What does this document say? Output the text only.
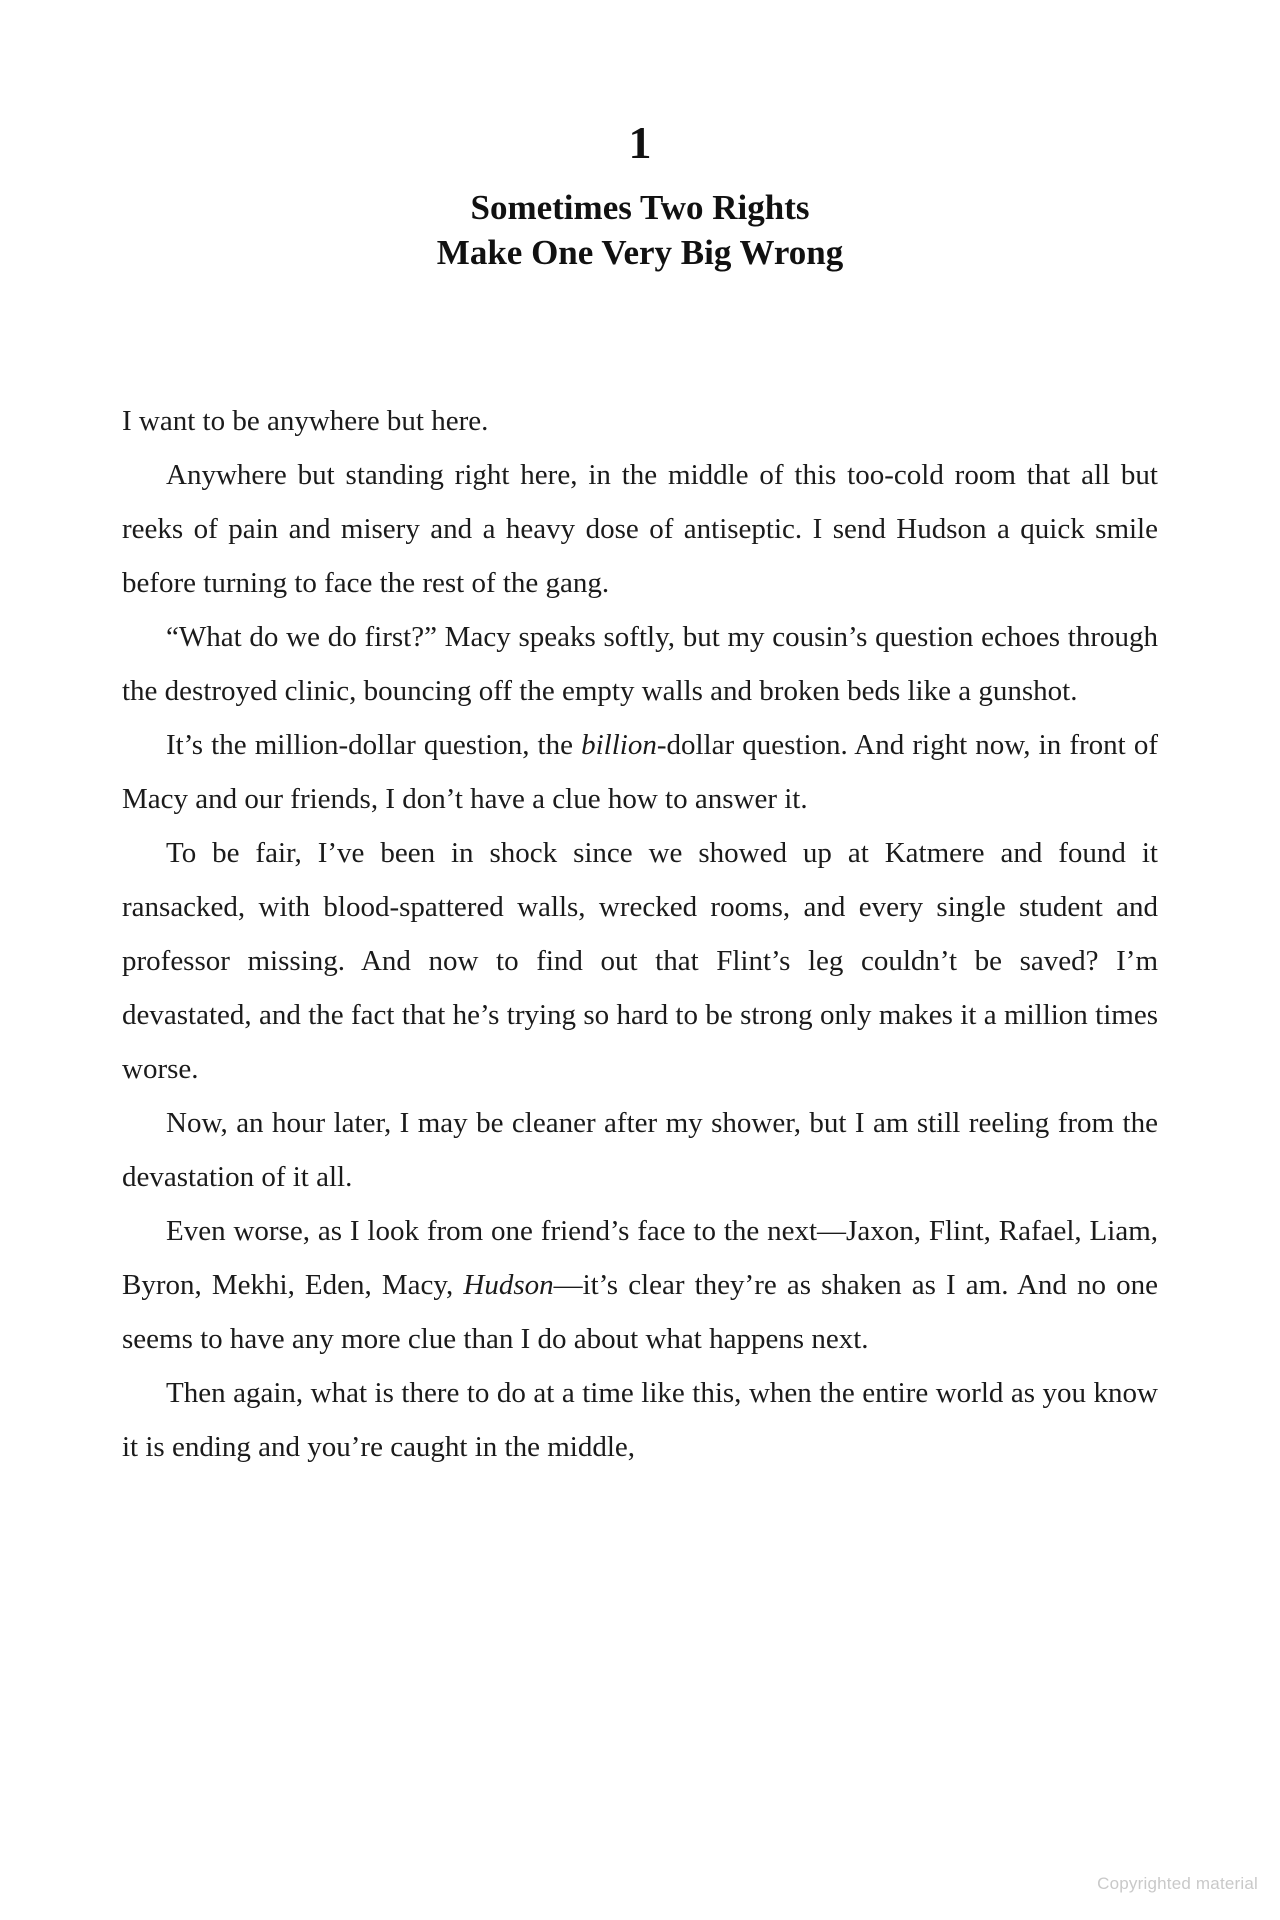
1
Sometimes Two Rights
Make One Very Big Wrong

I want to be anywhere but here.

Anywhere but standing right here, in the middle of this too-cold room that all but reeks of pain and misery and a heavy dose of antiseptic. I send Hudson a quick smile before turning to face the rest of the gang.

“What do we do first?” Macy speaks softly, but my cousin’s question echoes through the destroyed clinic, bouncing off the empty walls and broken beds like a gunshot.

It’s the million-dollar question, the billion-dollar question. And right now, in front of Macy and our friends, I don’t have a clue how to answer it.

To be fair, I’ve been in shock since we showed up at Katmere and found it ransacked, with blood-spattered walls, wrecked rooms, and every single student and professor missing. And now to find out that Flint’s leg couldn’t be saved? I’m devastated, and the fact that he’s trying so hard to be strong only makes it a million times worse.

Now, an hour later, I may be cleaner after my shower, but I am still reeling from the devastation of it all.

Even worse, as I look from one friend’s face to the next—Jaxon, Flint, Rafael, Liam, Byron, Mekhi, Eden, Macy, Hudson—it’s clear they’re as shaken as I am. And no one seems to have any more clue than I do about what happens next.

Then again, what is there to do at a time like this, when the entire world as you know it is ending and you’re caught in the middle,

Copyrighted material
